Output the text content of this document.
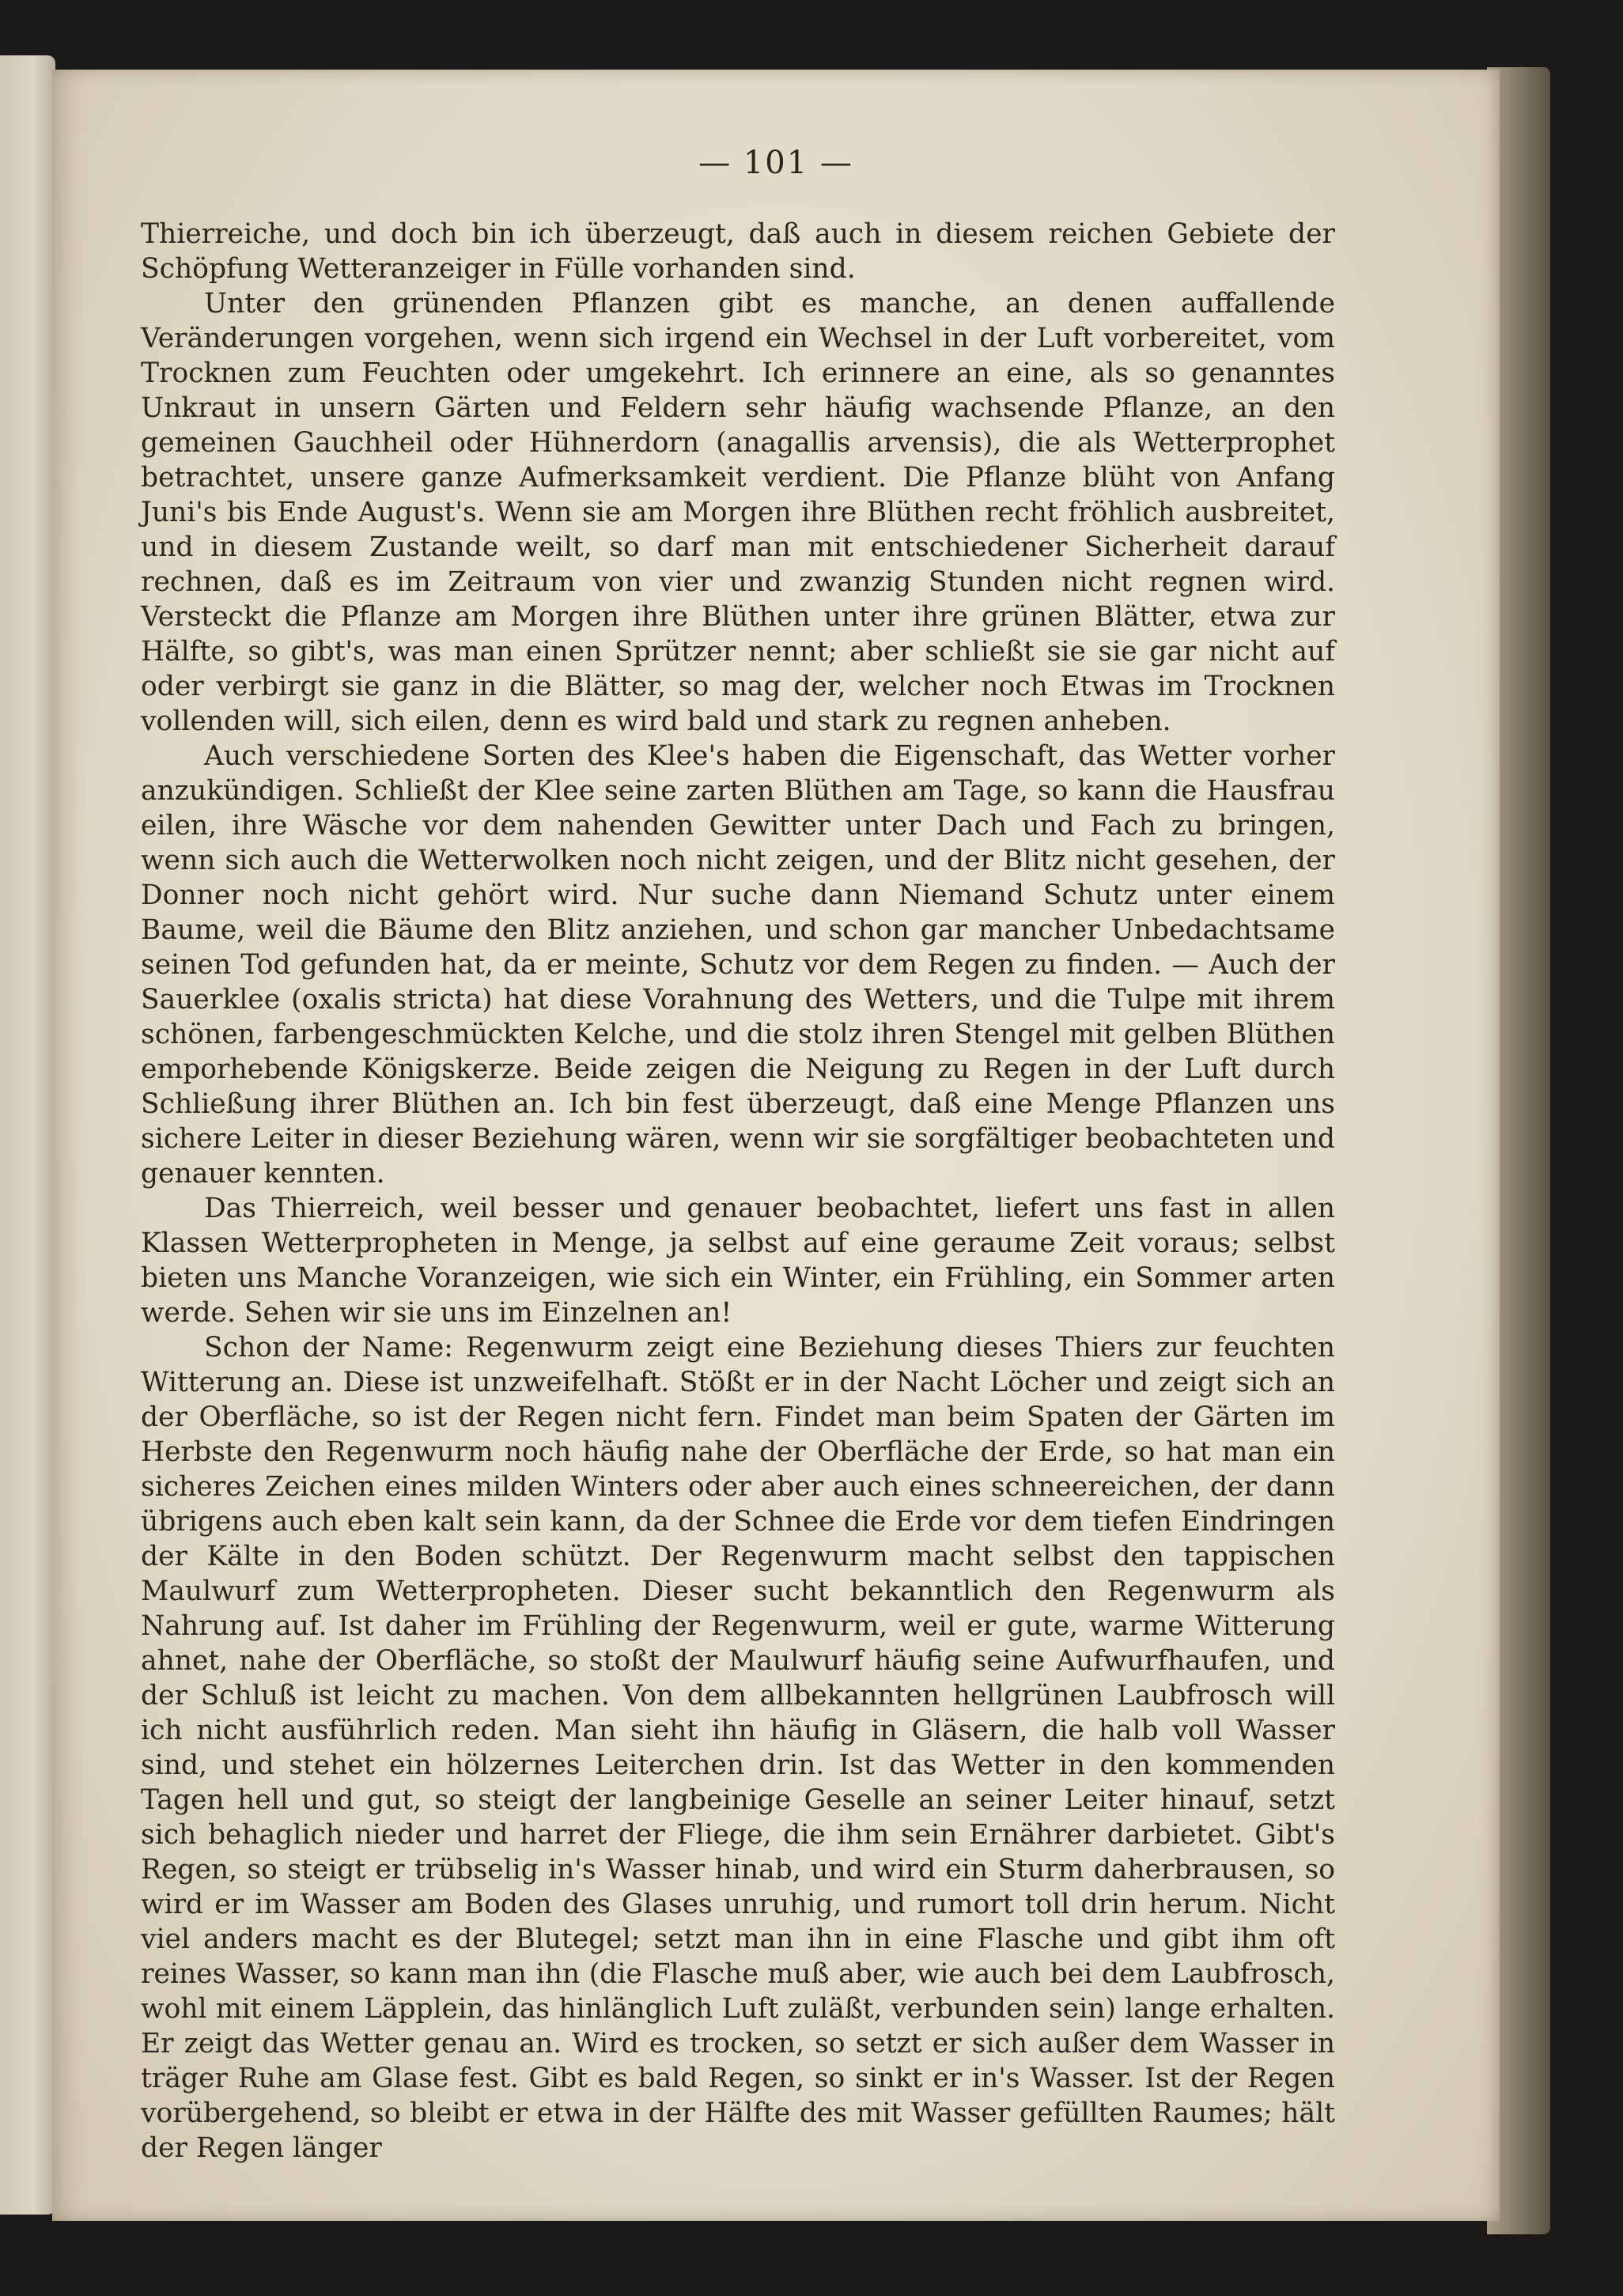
— 101 —

Thierreiche, und doch bin ich überzeugt, daß auch in diesem reichen Gebiete der Schöpfung Wetteranzeiger in Fülle vorhanden sind.

Unter den grünenden Pflanzen gibt es manche, an denen auffallende Veränderungen vorgehen, wenn sich irgend ein Wechsel in der Luft vorbereitet, vom Trocknen zum Feuchten oder umgekehrt. Ich erinnere an eine, als so genanntes Unkraut in unsern Gärten und Feldern sehr häufig wachsende Pflanze, an den gemeinen Gauchheil oder Hühnerdorn (anagallis arvensis), die als Wetterprophet betrachtet, unsere ganze Aufmerksamkeit verdient. Die Pflanze blüht von Anfang Juni's bis Ende August's. Wenn sie am Morgen ihre Blüthen recht fröhlich ausbreitet, und in diesem Zustande weilt, so darf man mit entschiedener Sicherheit darauf rechnen, daß es im Zeitraum von vier und zwanzig Stunden nicht regnen wird. Versteckt die Pflanze am Morgen ihre Blüthen unter ihre grünen Blätter, etwa zur Hälfte, so gibt's, was man einen Sprützer nennt; aber schließt sie sie gar nicht auf oder verbirgt sie ganz in die Blätter, so mag der, welcher noch Etwas im Trocknen vollenden will, sich eilen, denn es wird bald und stark zu regnen anheben.

Auch verschiedene Sorten des Klee's haben die Eigenschaft, das Wetter vorher anzukündigen. Schließt der Klee seine zarten Blüthen am Tage, so kann die Hausfrau eilen, ihre Wäsche vor dem nahenden Gewitter unter Dach und Fach zu bringen, wenn sich auch die Wetterwolken noch nicht zeigen, und der Blitz nicht gesehen, der Donner noch nicht gehört wird. Nur suche dann Niemand Schutz unter einem Baume, weil die Bäume den Blitz anziehen, und schon gar mancher Unbedachtsame seinen Tod gefunden hat, da er meinte, Schutz vor dem Regen zu finden. — Auch der Sauerklee (oxalis stricta) hat diese Vorahnung des Wetters, und die Tulpe mit ihrem schönen, farbengeschmückten Kelche, und die stolz ihren Stengel mit gelben Blüthen emporhebende Königskerze. Beide zeigen die Neigung zu Regen in der Luft durch Schließung ihrer Blüthen an. Ich bin fest überzeugt, daß eine Menge Pflanzen uns sichere Leiter in dieser Beziehung wären, wenn wir sie sorgfältiger beobachteten und genauer kennten.

Das Thierreich, weil besser und genauer beobachtet, liefert uns fast in allen Klassen Wetterpropheten in Menge, ja selbst auf eine geraume Zeit voraus; selbst bieten uns Manche Voranzeigen, wie sich ein Winter, ein Frühling, ein Sommer arten werde. Sehen wir sie uns im Einzelnen an!

Schon der Name: Regenwurm zeigt eine Beziehung dieses Thiers zur feuchten Witterung an. Diese ist unzweifelhaft. Stößt er in der Nacht Löcher und zeigt sich an der Oberfläche, so ist der Regen nicht fern. Findet man beim Spaten der Gärten im Herbste den Regenwurm noch häufig nahe der Oberfläche der Erde, so hat man ein sicheres Zeichen eines milden Winters oder aber auch eines schneereichen, der dann übrigens auch eben kalt sein kann, da der Schnee die Erde vor dem tiefen Eindringen der Kälte in den Boden schützt. Der Regenwurm macht selbst den tappischen Maulwurf zum Wetterpropheten. Dieser sucht bekanntlich den Regenwurm als Nahrung auf. Ist daher im Frühling der Regenwurm, weil er gute, warme Witterung ahnet, nahe der Oberfläche, so stoßt der Maulwurf häufig seine Aufwurfhaufen, und der Schluß ist leicht zu machen. Von dem allbekannten hellgrünen Laubfrosch will ich nicht ausführlich reden. Man sieht ihn häufig in Gläsern, die halb voll Wasser sind, und stehet ein hölzernes Leiterchen drin. Ist das Wetter in den kommenden Tagen hell und gut, so steigt der langbeinige Geselle an seiner Leiter hinauf, setzt sich behaglich nieder und harret der Fliege, die ihm sein Ernährer darbietet. Gibt's Regen, so steigt er trübselig in's Wasser hinab, und wird ein Sturm daherbrausen, so wird er im Wasser am Boden des Glases unruhig, und rumort toll drin herum. Nicht viel anders macht es der Blutegel; setzt man ihn in eine Flasche und gibt ihm oft reines Wasser, so kann man ihn (die Flasche muß aber, wie auch bei dem Laubfrosch, wohl mit einem Läpplein, das hinlänglich Luft zuläßt, verbunden sein) lange erhalten. Er zeigt das Wetter genau an. Wird es trocken, so setzt er sich außer dem Wasser in träger Ruhe am Glase fest. Gibt es bald Regen, so sinkt er in's Wasser. Ist der Regen vorübergehend, so bleibt er etwa in der Hälfte des mit Wasser gefüllten Raumes; hält der Regen länger
